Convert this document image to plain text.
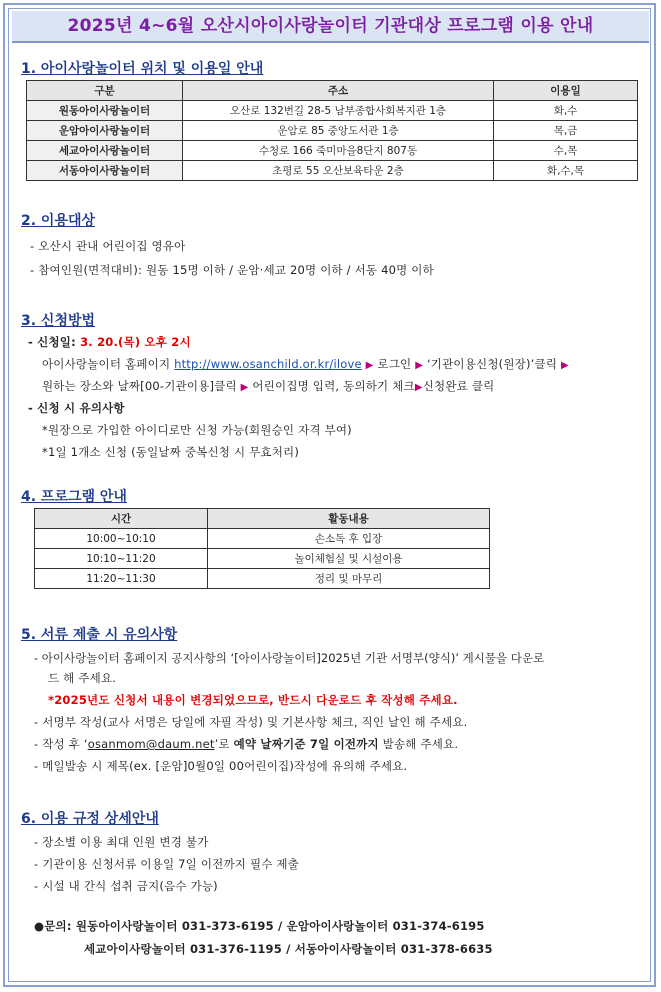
2025년 4~6월 오산시아이사랑놀이터 기관대상 프로그램 이용 안내
1. 아이사랑놀이터 위치 및 이용일 안내
구분	주소	이용일
원동아이사랑놀이터	오산로 132번길 28-5 남부종합사회복지관 1층	화,수
운암아이사랑놀이터	운암로 85 중앙도서관 1층	목,금
세교아이사랑놀이터	수청로 166 죽미마을8단지 807동	수,목
서동아이사랑놀이터	초평로 55 오산보육타운 2층	화,수,목
2. 이용대상
- 오산시 관내 어린이집 영유아
- 참여인원(면적대비): 원동 15명 이하 / 운암·세교 20명 이하 / 서동 40명 이하
3. 신청방법
- 신청일: 3. 20.(목) 오후 2시
아이사랑놀이터 홈페이지 http://www.osanchild.or.kr/ilove ▶ 로그인 ▶ ‘기관이용신청(원장)’클릭 ▶
원하는 장소와 날짜[00-기관이용]클릭 ▶ 어린이집명 입력, 동의하기 체크▶신청완료 클릭
- 신청 시 유의사항
*원장으로 가입한 아이디로만 신청 가능(회원승인 자격 부여)
*1일 1개소 신청 (동일날짜 중복신청 시 무효처리)
4. 프로그램 안내
시간	활동내용
10:00~10:10	손소독 후 입장
10:10~11:20	놀이체험실 및 시설이용
11:20~11:30	정리 및 마무리
5. 서류 제출 시 유의사항
- 아이사랑놀이터 홈페이지 공지사항의 ‘[아이사랑놀이터]2025년 기관 서명부(양식)’ 게시물을 다운로
드 해 주세요.
*2025년도 신청서 내용이 변경되었으므로, 반드시 다운로드 후 작성해 주세요.
- 서명부 작성(교사 서명은 당일에 자필 작성) 및 기본사항 체크, 직인 날인 해 주세요.
- 작성 후 ‘osanmom@daum.net’로 예약 날짜기준 7일 이전까지 발송해 주세요.
- 메일발송 시 제목(ex. [운암]0월0일 00어린이집)작성에 유의해 주세요.
6. 이용 규정 상세안내
- 장소별 이용 최대 인원 변경 불가
- 기관이용 신청서류 이용일 7일 이전까지 필수 제출
- 시설 내 간식 섭취 금지(음수 가능)
●문의: 원동아이사랑놀이터 031-373-6195 / 운암아이사랑놀이터 031-374-6195
세교아이사랑놀이터 031-376-1195 / 서동아이사랑놀이터 031-378-6635
